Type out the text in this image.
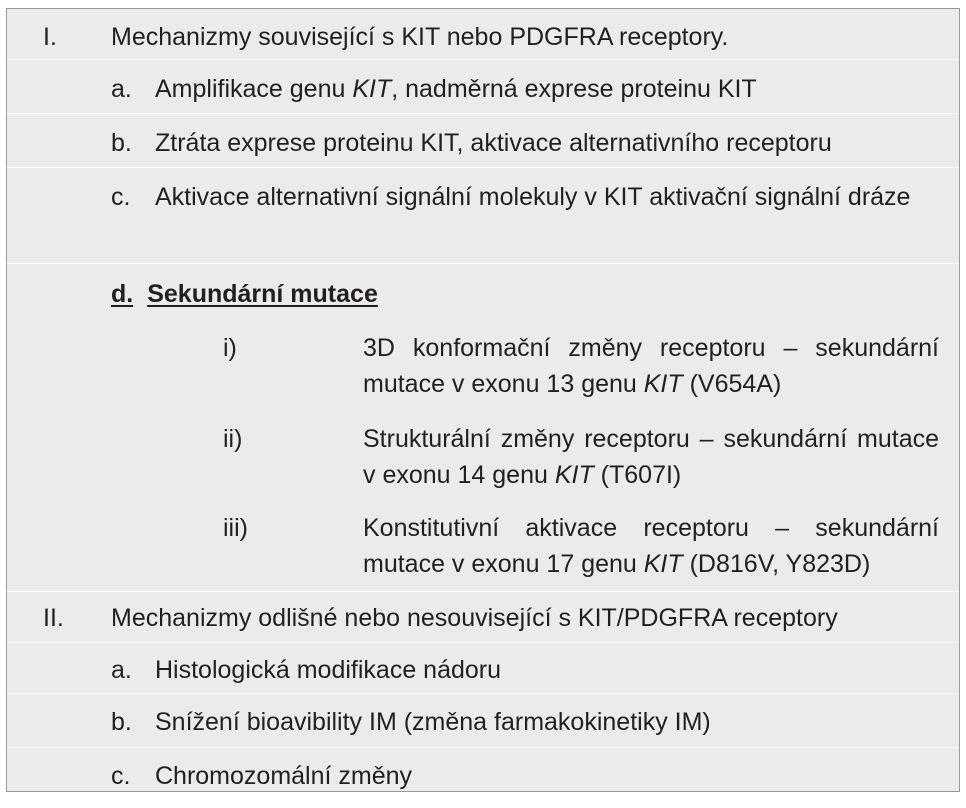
I. Mechanizmy související s KIT nebo PDGFRA receptory.
a. Amplifikace genu KIT, nadměrná exprese proteinu KIT
b. Ztráta exprese proteinu KIT, aktivace alternativního receptoru
c. Aktivace alternativní signální molekuly v KIT aktivační signální dráze
d. Sekundární mutace
i)	3D konformační změny receptoru – sekundární mutace v exonu 13 genu KIT (V654A)
ii)	Strukturální změny receptoru – sekundární mutace v exonu 14 genu KIT (T607I)
iii)	Konstitutivní aktivace receptoru – sekundární mutace v exonu 17 genu KIT (D816V, Y823D)
II. Mechanizmy odlišné nebo nesouvisející s KIT/PDGFRA receptory
a. Histologická modifikace nádoru
b. Snížení bioavibility IM (změna farmakokinetiky IM)
c. Chromozomální změny
